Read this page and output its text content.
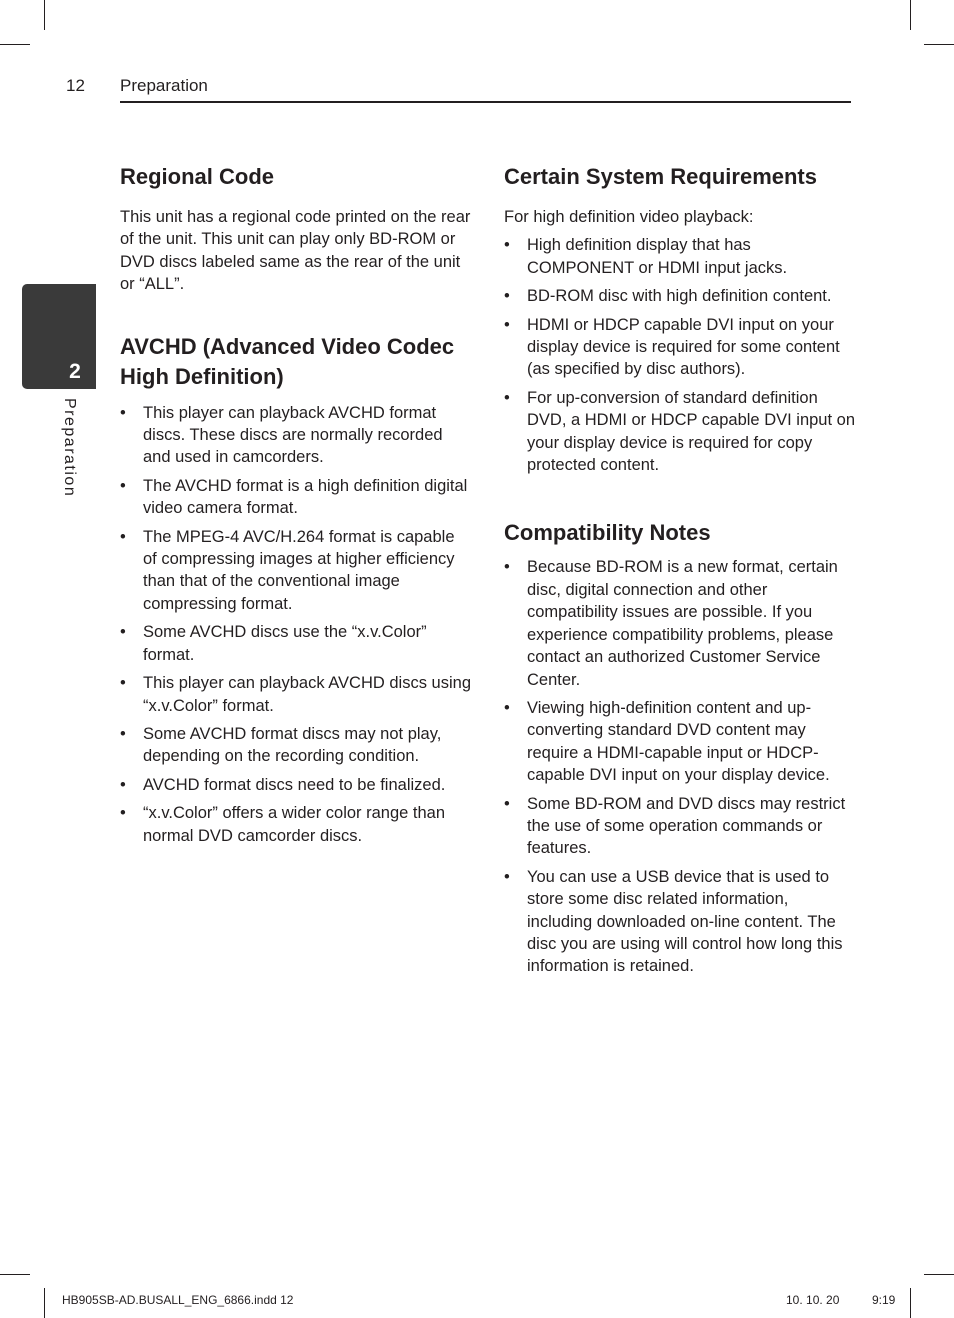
12 Preparation
2
Preparation
Regional Code

This unit has a regional code printed on the rear of the unit. This unit can play only BD-ROM or DVD discs labeled same as the rear of the unit or “ALL”.

AVCHD (Advanced Video Codec High Definition)
• This player can playback AVCHD format discs. These discs are normally recorded and used in camcorders.
• The AVCHD format is a high definition digital video camera format.
• The MPEG-4 AVC/H.264 format is capable of compressing images at higher efficiency than that of the conventional image compressing format.
• Some AVCHD discs use the “x.v.Color” format.
• This player can playback AVCHD discs using “x.v.Color” format.
• Some AVCHD format discs may not play, depending on the recording condition.
• AVCHD format discs need to be finalized.
• “x.v.Color” offers a wider color range than normal DVD camcorder discs.
Certain System Requirements

For high definition video playback:

• High definition display that has COMPONENT or HDMI input jacks.
• BD-ROM disc with high definition content.
• HDMI or HDCP capable DVI input on your display device is required for some content (as specified by disc authors).
• For up-conversion of standard definition DVD, a HDMI or HDCP capable DVI input on your display device is required for copy protected content.
Compatibility Notes
• Because BD-ROM is a new format, certain disc, digital connection and other compatibility issues are possible. If you experience compatibility problems, please contact an authorized Customer Service Center.
• Viewing high-definition content and up-converting standard DVD content may require a HDMI-capable input or HDCP-capable DVI input on your display device.
• Some BD-ROM and DVD discs may restrict the use of some operation commands or features.
• You can use a USB device that is used to store some disc related information, including downloaded on-line content. The disc you are using will control how long this information is retained.
HB905SB-AD.BUSALL_ENG_6866.indd 12	10. 10. 20	9:19
